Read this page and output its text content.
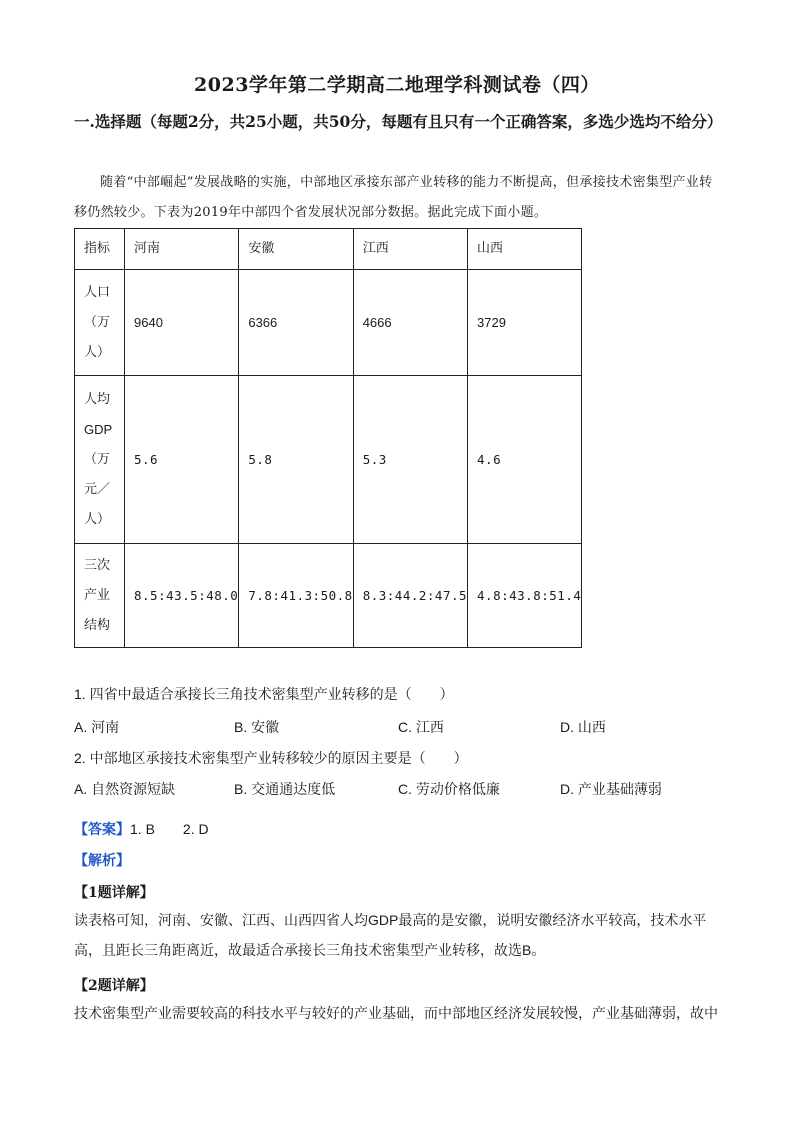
2023学年第二学期高二地理学科测试卷（四）
一.选择题（每题2分，共25小题，共50分，每题有且只有一个正确答案，多选少选均不给分）
随着“中部崛起”发展战略的实施，中部地区承接东部产业转移的能力不断提高，但承接技术密集型产业转移仍然较少。下表为2019年中部四个省发展状况部分数据。据此完成下面小题。
指标	河南	安徽	江西	山西

人口
（万
人）	9640	6366	4666	3729

人均
GDP
（万
元／
人）	5.6	5.8	5.3	4.6

三次
产业
结构	8.5:43.5:48.0	7.8:41.3:50.8	8.3:44.2:47.5	4.8:43.8:51.4
1. 四省中最适合承接长三角技术密集型产业转移的是（　　）
A. 河南	B. 安徽	C. 江西	D. 山西
2. 中部地区承接技术密集型产业转移较少的原因主要是（　　）
A. 自然资源短缺	B. 交通通达度低	C. 劳动价格低廉	D. 产业基础薄弱
【答案】1. B　　2. D
【解析】
【1题详解】
读表格可知，河南、安徽、江西、山西四省人均GDP最高的是安徽，说明安徽经济水平较高，技术水平高，且距长三角距离近，故最适合承接长三角技术密集型产业转移，故选B。
【2题详解】
技术密集型产业需要较高的科技水平与较好的产业基础，而中部地区经济发展较慢，产业基础薄弱，故中
